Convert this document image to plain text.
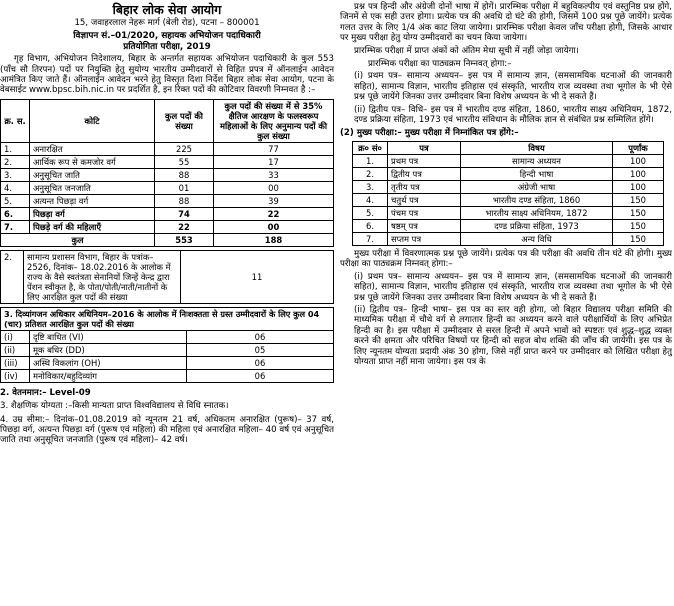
बिहार लोक सेवा आयोग
15, जवाहरलाल नेहरू मार्ग (बेली रोड), पटना – 800001
विज्ञापन सं.–01/2020, सहायक अभियोजन पदाधिकारी
प्रतियोगिता परीक्षा, 2019
गृह विभाग, अभियोजन निदेशालय, बिहार के अन्तर्गत सहायक अभियोजन पदाधिकारी के कुल 553 (पाँच सौ तिरपन) पदों पर नियुक्ति हेतु सुयोग्य भारतीय उम्मीदवारों से विहित प्रपत्र में ऑनलाईन आवेदन आमंत्रित किए जाते हैं। ऑनलाईन आवेदन भरने हेतु विस्तृत दिशा निर्देश बिहार लोक सेवा आयोग, पटना के वेबसाईट www.bpsc.bih.nic.in पर प्रदर्शित है, इन रिक्त पदों की कोटिवार विवरणी निम्नवत है :–
क्र. स.	कोटि	कुल पदों की संख्या	कुल पदों की संख्या में से 35% क्षैतिज आरक्षण के फलस्वरूप महिलाओं के लिए अनुमान्य पदों की कुल संख्या
1.	अनारक्षित	225	77
2.	आर्थिक रूप से कमजोर वर्ग	55	17
3.	अनुसूचित जाति	88	33
4.	अनुसूचित जनजाति	01	00
5.	अत्यन्त पिछड़ा वर्ग	88	39
6.	पिछड़ा वर्ग	74	22
7.	पिछड़े वर्ग की महिलाएँ	22	00
कुल		553	188
2.	सामान्य प्रशासन विभाग, बिहार के पत्रांक– 2526, दिनांक– 18.02.2016 के आलोक में राज्य के वैसे स्वतंत्रता सेनानियों जिन्हें केन्द्र द्वारा पेंशन स्वीकृत है, के पोता/पोती/नाती/नातीनों के लिए आरक्षित कुल पदों की संख्या	11
3. दिव्यांगजन अधिकार अधिनियम–2016 के आलोक में निःशक्तता से ग्रस्त उम्मीदवारों के लिए कुल 04 (चार) प्रतिशत आरक्षित कुल पदों की संख्या		
(i)	दृष्टि बाधित (VI)	06
(ii)	मूक बधिर (DD)	05
(iii)	अस्थि विकलांग (OH)	06
(iv)	मनोविकार/बहुदिव्यांग	06
2. वेतनमान:– Level-09
3. शैक्षणिक योग्यता :–किसी मान्यता प्राप्त विश्वविद्यालय से विधि स्नातक।
4. उम्र सीमा:– दिनांक–01.08.2019 को न्यूनतम 21 वर्ष, अधिकतम अनारक्षित (पुरूष)– 37 वर्ष, पिछड़ा वर्ग, अत्यन्त पिछड़ा वर्ग (पुरूष एवं महिला) की महिला एवं अनारक्षित महिला– 40 वर्ष एवं अनुसूचित जाति तथा अनुसूचित जनजाति (पुरूष एवं महिला)– 42 वर्ष।
प्रश्न पत्र हिन्दी और अंग्रेजी दोनों भाषा में होगें। प्रारम्भिक परीक्षा में बहुविकल्पीय एवं वस्तुनिष्ठ प्रश्न होंगे, जिनमें से एक सही उत्तर होगा। प्रत्येक पत्र की अवधि दो घंटे की होगी, जिसमें 100 प्रश्न पूछे जायेंगे। प्रत्येक गलत उत्तर के लिए 1/4 अंक काट लिया जायेगा। प्रारम्भिक परीक्षा केवल जाँच परीक्षा होगी, जिसके आधार पर मुख्य परीक्षा हेतु योग्य उम्मीदवारों का चयन किया जायेगा।
प्रारम्भिक परीक्षा में प्राप्त अंकों को अंतिम मेधा सूची में नहीं जोड़ा जायेगा।
प्रारम्भिक परीक्षा का पाठ्यक्रम निम्नवत् होगा:–
(i) प्रथम पत्र– सामान्य अध्ययन– इस पत्र में सामान्य ज्ञान, (समसामयिक घटनाओं की जानकारी सहित), सामान्य विज्ञान, भारतीय इतिहास एवं संस्कृति, भारतीय राज व्यवस्था तथा भूगोल के भी ऐसे प्रश्न पूछे जायेंगे जिनका उत्तर उम्मीदवार बिना विशेष अध्ययन के भी दे सकते हैं।
(ii) द्वितीय पत्र– विधि– इस पत्र में भारतीय दण्ड संहिता, 1860, भारतीय साक्ष्य अधिनियम, 1872, दण्ड प्रक्रिया संहिता, 1973 एवं भारतीय संविधान के मौलिक ज्ञान से संबंधित प्रश्न सम्मिलित होंगे।
(2) मुख्य परीक्षा:– मुख्य परीक्षा में निम्नांकित पत्र होंगे:–
क्र० सं०	पत्र	विषय	पूर्णांक
1.	प्रथम पत्र	सामान्य अध्ययन	100
2.	द्वितीय पत्र	हिन्दी भाषा	100
3.	तृतीय पत्र	अंग्रेजी भाषा	100
4.	चतुर्थ पत्र	भारतीय दण्ड संहिता, 1860	150
5.	पंचम पत्र	भारतीय साक्ष्य अधिनियम, 1872	150
6.	षष्ठम् पत्र	दण्ड प्रक्रिया संहिता, 1973	150
7.	सप्तम पत्र	अन्य विधि	150
मुख्य परीक्षा में विवरणात्मक प्रश्न पूछे जायेंगे। प्रत्येक पत्र की परीक्षा की अवधि तीन घंटे की होगी। मुख्य परीक्षा का पाठ्यक्रम निम्नवत् होगा:–
(i) प्रथम पत्र– सामान्य अध्ययन– इस पत्र में सामान्य ज्ञान, (समसामयिक घटनाओं की जानकारी सहित), सामान्य विज्ञान, भारतीय इतिहास एवं संस्कृति, भारतीय राज व्यवस्था तथा भूगोल के भी ऐसे प्रश्न पूछे जायेंगे जिनका उत्तर उम्मीदवार बिना विशेष अध्ययन के भी दे सकते हैं।
(ii) द्वितीय पत्र– हिन्दी भाषा– इस पत्र का स्तर वही होगा, जो बिहार विद्यालय परीक्षा समिति की माध्यमिक परीक्षा में चौथे वर्ग से लगातार हिन्दी का अध्ययन करने वाले परीक्षार्थियों के लिए अभिप्रेत हिन्दी का है। इस परीक्षा में उम्मीदवार से सरल हिन्दी में अपने भावों को स्पष्टतः एवं शुद्ध–शुद्ध व्यक्त करने की क्षमता और परिचित विषयों पर हिन्दी को सहज बोध शक्ति की जाँच की जायेगी। इस पत्र के लिए न्यूनतम योग्यता प्रदायी अंक 30 होगा, जिसे नहीं प्राप्त करने पर उम्मीदवार को लिखित परीक्षा हेतु योग्यता प्राप्त नहीं माना जायेगा। इस पत्र के
